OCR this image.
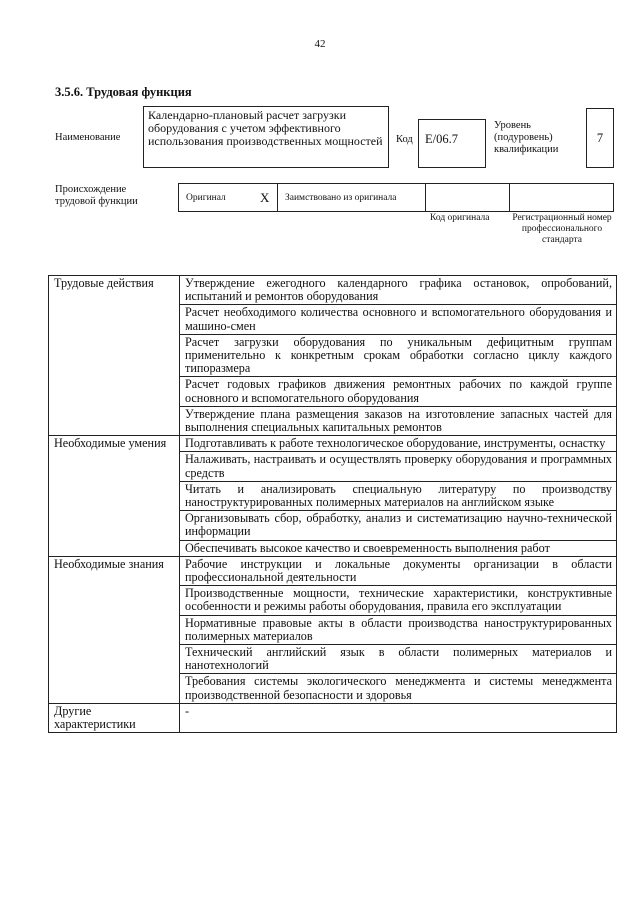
42
3.5.6. Трудовая функция
Наименование
Календарно-плановый расчет загрузки оборудования с учетом эффективного использования производственных мощностей	Код E/06.7
Уровень (подуровень) квалификации
7
Происхождение трудовой функции	Оригинал	X Заимствовано из оригинала
Код оригинала Регистрационный номер профессионального стандарта
Трудовые действия	Утверждение ежегодного календарного графика остановок, опробований, испытаний и ремонтов оборудования
	Расчет необходимого количества основного и вспомогательного оборудования и машино-смен
	Расчет загрузки оборудования по уникальным дефицитным группам применительно к конкретным срокам обработки согласно циклу каждого типоразмера
	Расчет годовых графиков движения ремонтных рабочих по каждой группе основного и вспомогательного оборудования
	Утверждение плана размещения заказов на изготовление запасных частей для выполнения специальных капитальных ремонтов
Необходимые умения	Подготавливать к работе технологическое оборудование, инструменты, оснастку
	Налаживать, настраивать и осуществлять проверку оборудования и программных средств
	Читать и анализировать специальную литературу по производству наноструктурированных полимерных материалов на английском языке
	Организовывать сбор, обработку, анализ и систематизацию научно-технической информации
	Обеспечивать высокое качество и своевременность выполнения работ
Необходимые знания	Рабочие инструкции и локальные документы организации в области профессиональной деятельности
	Производственные мощности, технические характеристики, конструктивные особенности и режимы работы оборудования, правила его эксплуатации
	Нормативные правовые акты в области производства наноструктурированных полимерных материалов
	Технический английский язык в области полимерных материалов и нанотехнологий
	Требования системы экологического менеджмента и системы менеджмента производственной безопасности и здоровья
Другие характеристики	-
